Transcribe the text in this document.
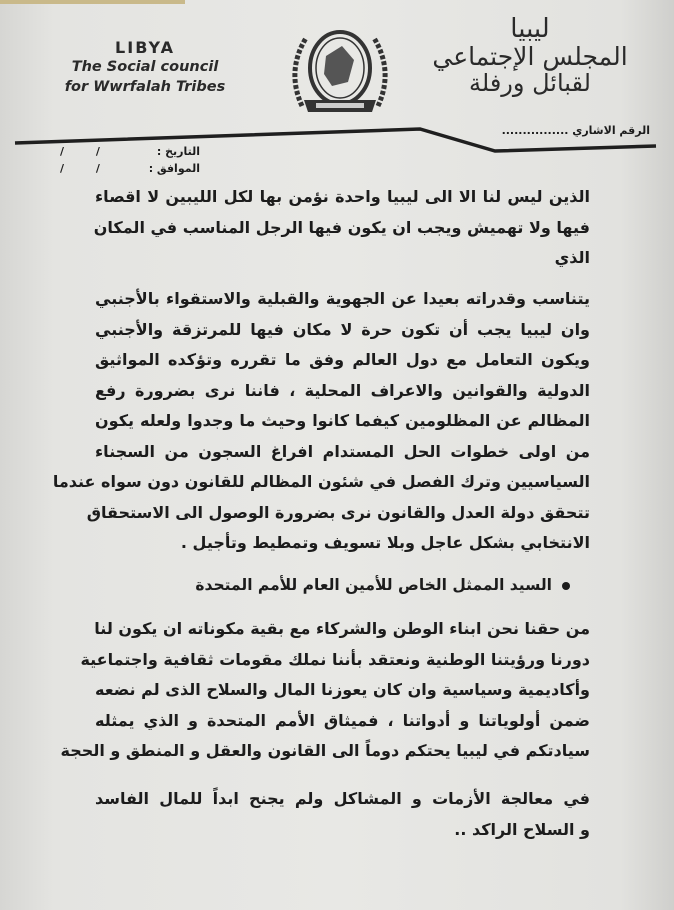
LIBYA
The Social council
for Wwrfalah Tribes
ليبيا
المجلس الإجتماعي
لقبائل ورفلة
الرقم الاشاري ................
التاريخ :
/ /
الموافق :
/ /
الذين ليس لنا الا الى ليبيا واحدة نؤمن بها لكل الليبين لا اقصاء
فيها ولا تهميش ويجب ان يكون فيها الرجل المناسب في المكان
الذي
يتناسب وقدراته بعيدا عن الجهوية والقبلية والاستقواء بالأجنبي
وان ليبيا يجب أن تكون حرة لا مكان فيها للمرتزقة والأجنبي
ويكون التعامل مع دول العالم وفق ما تقرره وتؤكده المواثيق
الدولية والقوانين والاعراف المحلية ، فاننا نرى بضرورة رفع
المظالم عن المظلومين كيفما كانوا وحيث ما وجدوا ولعله يكون
من اولى خطوات الحل المستدام افراغ السجون من السجناء
السياسيين وترك الفصل في شئون المظالم للقانون دون سواه عندما
تتحقق دولة العدل والقانون نرى بضرورة الوصول الى الاستحقاق
الانتخابي بشكل عاجل وبلا تسويف وتمطيط وتأجيل .
السيد الممثل الخاص للأمين العام للأمم المتحدة
من حقنا نحن ابناء الوطن والشركاء مع بقية مكوناته ان يكون لنا
دورنا ورؤيتنا الوطنية ونعتقد بأننا نملك مقومات ثقافية واجتماعية
وأكاديمية وسياسية وان كان يعوزنا المال والسلاح الذى لم نضعه
ضمن أولوياتنا و أدواتنا ، فميثاق الأمم المتحدة و الذي يمثله
سيادتكم في ليبيا يحتكم دوماً الى القانون والعقل و المنطق و الحجة
في معالجة الأزمات و المشاكل ولم يجنح ابداً للمال الفاسد
و السلاح الراكد ..
